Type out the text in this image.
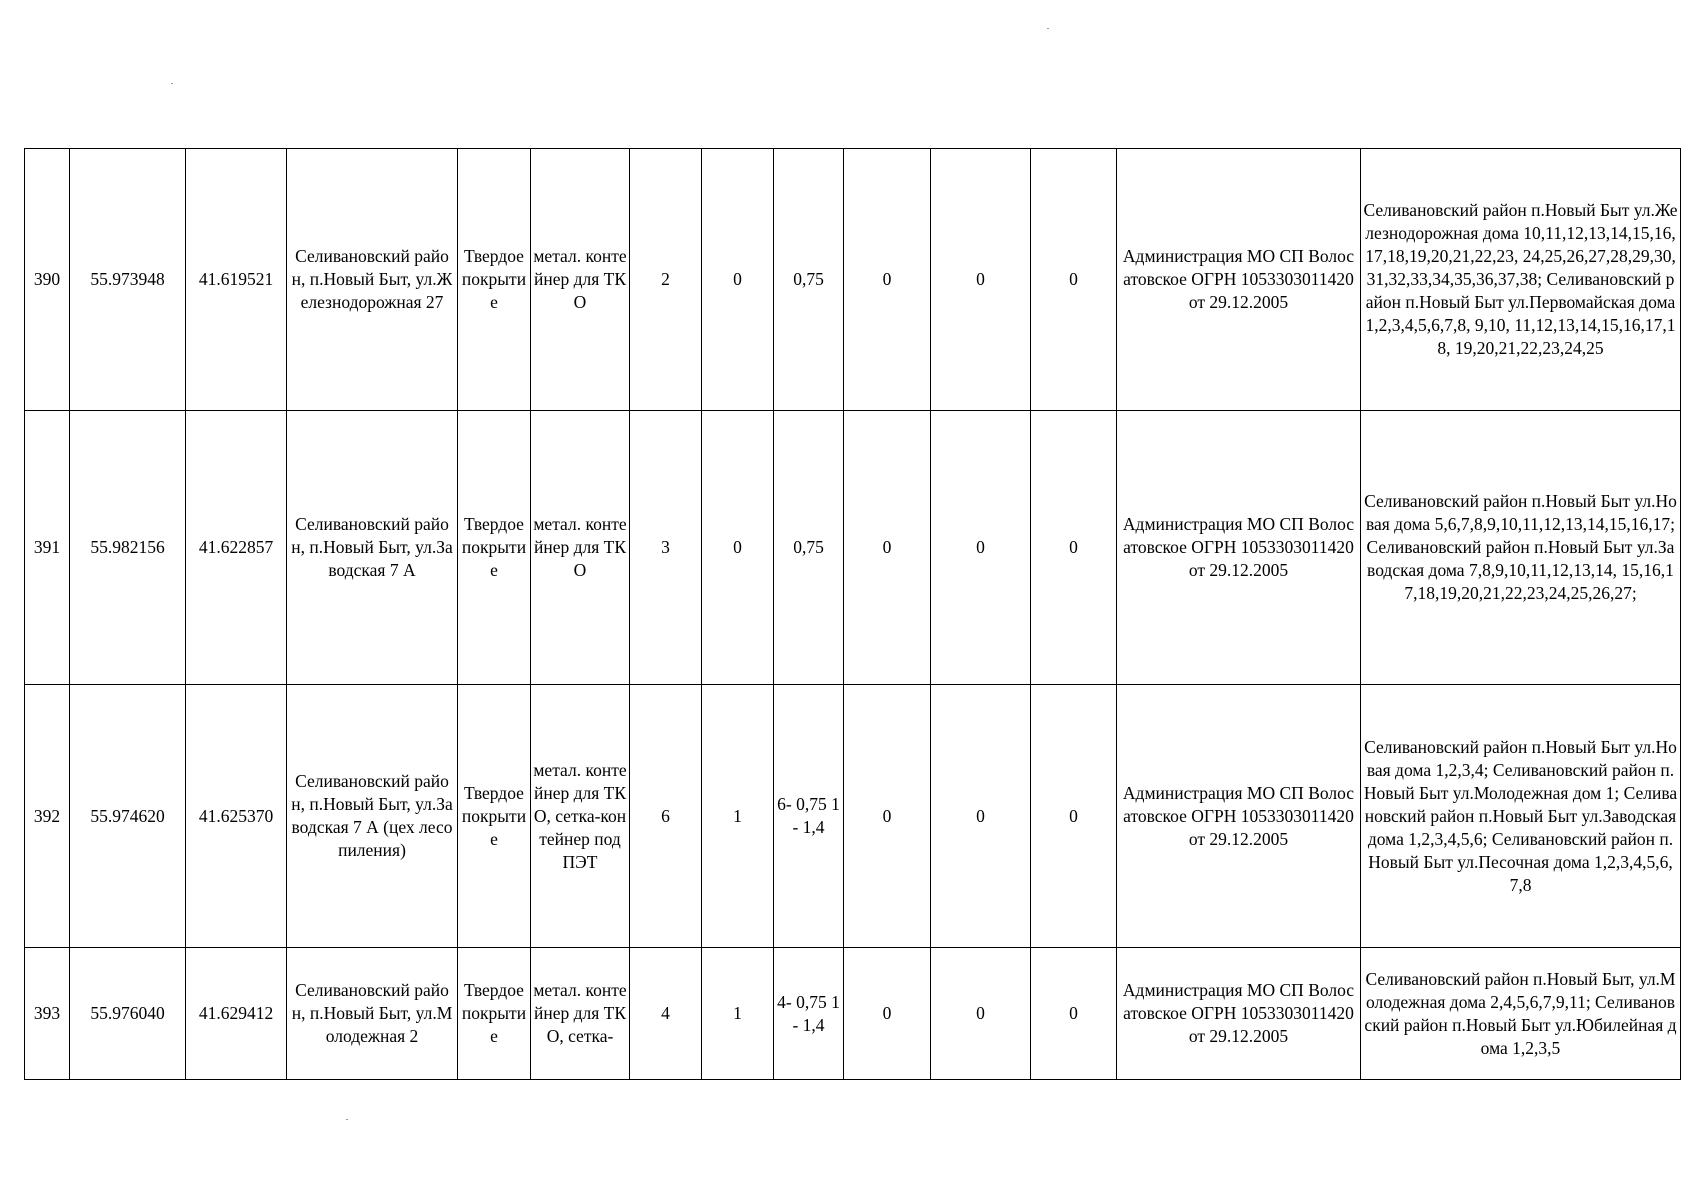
390	55.973948	41.619521	Селивановский район, п.Новый Быт, ул.Железнодорожная 27	Твердое покрытие	метал. контейнер для ТКО	2	0	0,75	0	0	0	Администрация МО СП Волосатовское ОГРН 1053303011420 от 29.12.2005	Селивановский район п.Новый Быт ул.Железнодорожная дома 10,11,12,13,14,15,16,17,18,19,20,21,22,23, 24,25,26,27,28,29,30,31,32,33,34,35,36,37,38; Селивановский район п.Новый Быт ул.Первомайская дома 1,2,3,4,5,6,7,8, 9,10, 11,12,13,14,15,16,17,18, 19,20,21,22,23,24,25
391	55.982156	41.622857	Селивановский район, п.Новый Быт, ул.Заводская 7 А	Твердое покрытие	метал. контейнер для ТКО	3	0	0,75	0	0	0	Администрация МО СП Волосатовское ОГРН 1053303011420 от 29.12.2005	Селивановский район п.Новый Быт ул.Новая дома 5,6,7,8,9,10,11,12,13,14,15,16,17; Селивановский район п.Новый Быт ул.Заводская дома 7,8,9,10,11,12,13,14, 15,16,17,18,19,20,21,22,23,24,25,26,27;
392	55.974620	41.625370	Селивановский район, п.Новый Быт, ул.Заводская 7 А (цех лесопиления)	Твердое покрытие	метал. контейнер для ТКО, сетка-контейнер под ПЭТ	6	1	6- 0,75 1- 1,4	0	0	0	Администрация МО СП Волосатовское ОГРН 1053303011420 от 29.12.2005	Селивановский район п.Новый Быт ул.Новая дома 1,2,3,4; Селивановский район п.Новый Быт ул.Молодежная дом 1; Селивановский район п.Новый Быт ул.Заводская дома 1,2,3,4,5,6; Селивановский район п.Новый Быт ул.Песочная дома 1,2,3,4,5,6,7,8
393	55.976040	41.629412	Селивановский район, п.Новый Быт, ул.Молодежная 2	Твердое покрытие	метал. контейнер для ТКО, сетка-	4	1	4- 0,75 1- 1,4	0	0	0	Администрация МО СП Волосатовское ОГРН 1053303011420 от 29.12.2005	Селивановский район п.Новый Быт, ул.Молодежная дома 2,4,5,6,7,9,11; Селивановский район п.Новый Быт ул.Юбилейная дома 1,2,3,5
